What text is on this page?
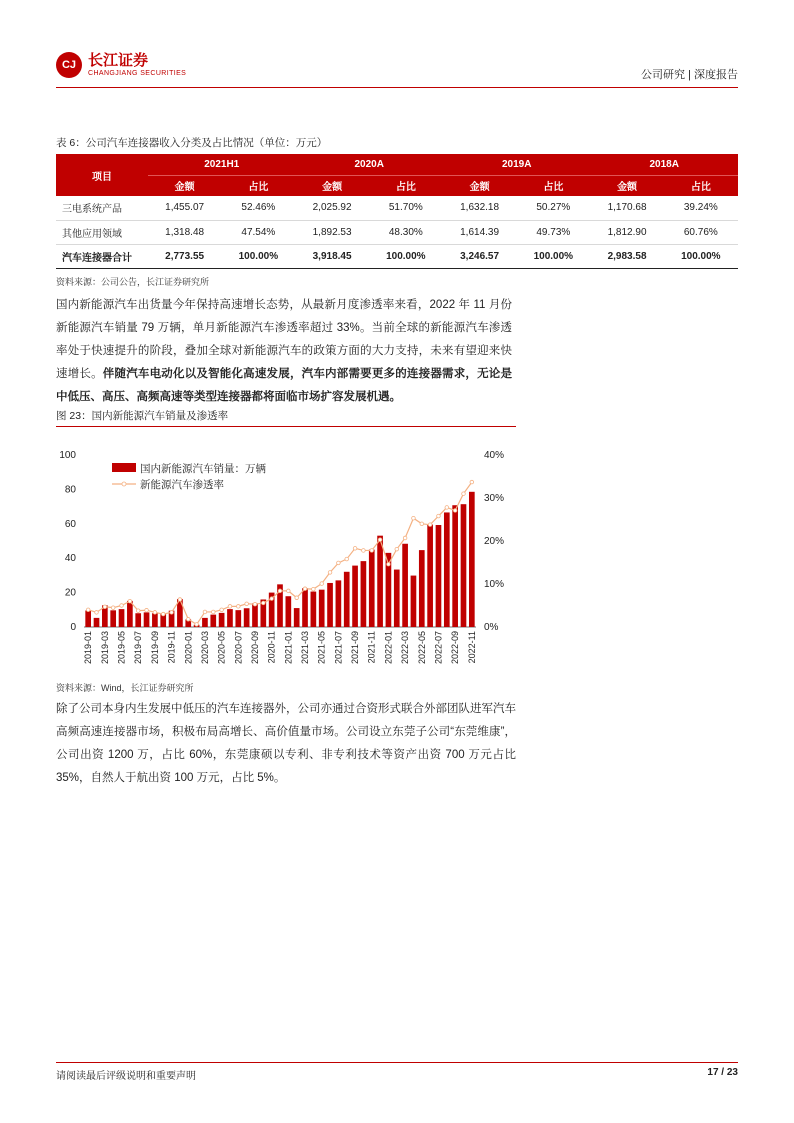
CJ 长江证券
CHANGJIANG SECURITIES	公司研究 | 深度报告
表 6：公司汽车连接器收入分类及占比情况（单位：万元）
项目	2021H1		2020A		2019A		2018A	
	金额	占比	金额	占比	金额	占比	金额	占比
三电系统产品	1,455.07	52.46%	2,025.92	51.70%	1,632.18	50.27%	1,170.68	39.24%
其他应用领域	1,318.48	47.54%	1,892.53	48.30%	1,614.39	49.73%	1,812.90	60.76%
汽车连接器合计	2,773.55	100.00%	3,918.45	100.00%	3,246.57	100.00%	2,983.58	100.00%
资料来源：公司公告，长江证券研究所
国内新能源汽车出货量今年保持高速增长态势，从最新月度渗透率来看，2022 年 11 月份新能源汽车销量 79 万辆，单月新能源汽车渗透率超过 33%。当前全球的新能源汽车渗透率处于快速提升的阶段，叠加全球对新能源汽车的政策方面的大力支持，未来有望迎来快速增长。伴随汽车电动化以及智能化高速发展，汽车内部需要更多的连接器需求，无论是中低压、高压、高频高速等类型连接器都将面临市场扩容发展机遇。
图 23：国内新能源汽车销量及渗透率
0
20
40
60
80
100
0%
10%
20%
30%
40%
2019-01 2019-03 2019-05 2019-07 2019-09 2019-11 2020-01 2020-03 2020-05 2020-07 2020-09 2020-11 2021-01 2021-03 2021-05 2021-07 2021-09 2021-11 2022-01 2022-03 2022-05 2022-07 2022-09 2022-11
国内新能源汽车销量：万辆
新能源汽车渗透率
资料来源：Wind，长江证券研究所
除了公司本身内生发展中低压的汽车连接器外，公司亦通过合资形式联合外部团队进军汽车高频高速连接器市场，积极布局高增长、高价值量市场。公司设立东莞子公司“东莞维康”，公司出资 1200 万，占比 60%，东莞康硕以专利、非专利技术等资产出资 700 万元占比 35%，自然人于航出资 100 万元，占比 5%。
请阅读最后评级说明和重要声明	17 / 23
